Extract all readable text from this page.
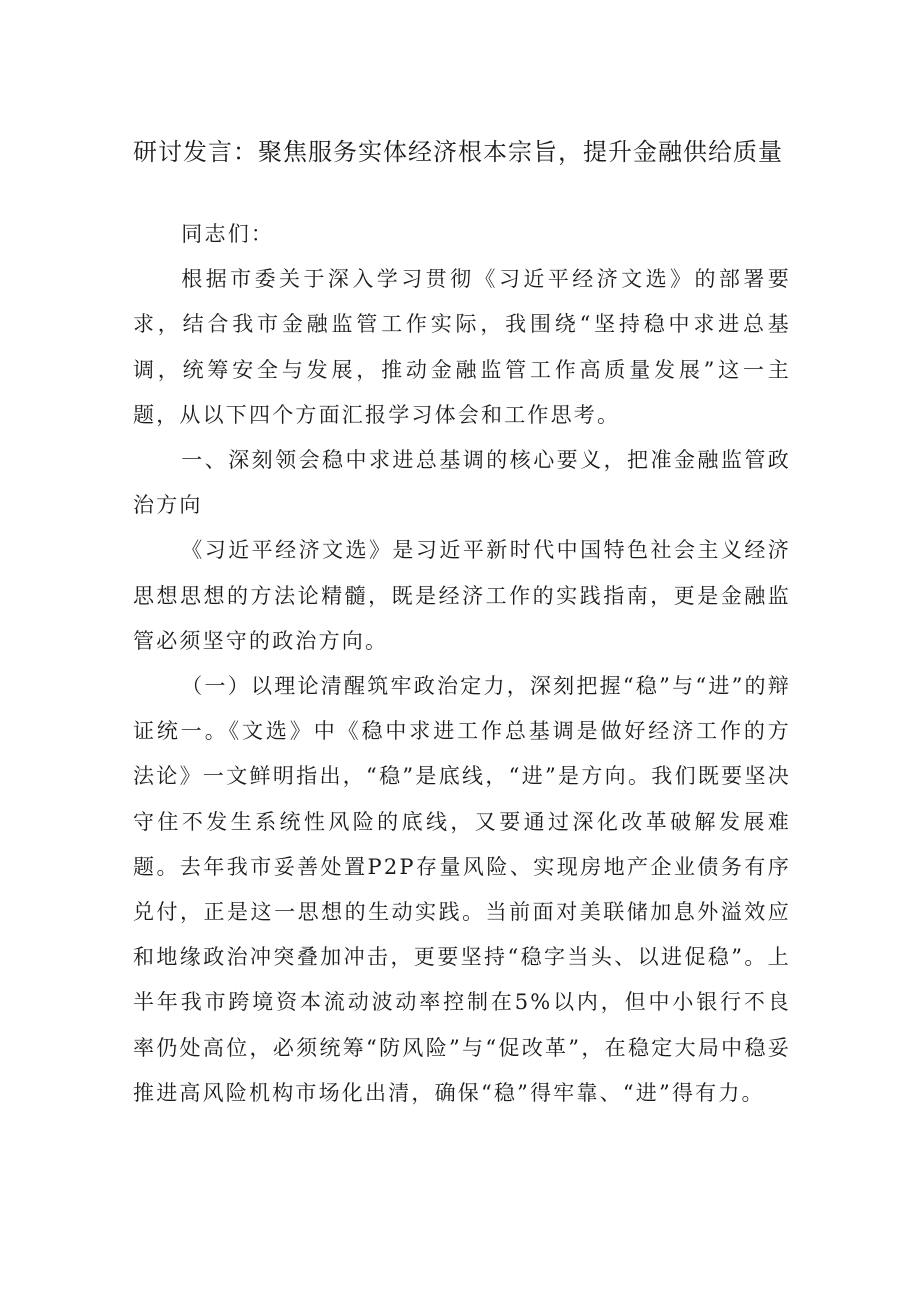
研讨发言：聚焦服务实体经济根本宗旨，提升金融供给质量

同志们：

根据市委关于深入学习贯彻《习近平经济文选》的部署要求，结合我市金融监管工作实际，我围绕“坚持稳中求进总基调，统筹安全与发展，推动金融监管工作高质量发展”这一主题，从以下四个方面汇报学习体会和工作思考。

一、深刻领会稳中求进总基调的核心要义，把准金融监管政治方向

《习近平经济文选》是习近平新时代中国特色社会主义经济思想思想的方法论精髓，既是经济工作的实践指南，更是金融监管必须坚守的政治方向。

（一）以理论清醒筑牢政治定力，深刻把握“稳”与“进”的辩证统一。《文选》中《稳中求进工作总基调是做好经济工作的方法论》一文鲜明指出，“稳”是底线，“进”是方向。我们既要坚决守住不发生系统性风险的底线，又要通过深化改革破解发展难题。去年我市妥善处置P2P存量风险、实现房地产企业债务有序兑付，正是这一思想的生动实践。当前面对美联储加息外溢效应和地缘政治冲突叠加冲击，更要坚持“稳字当头、以进促稳”。上半年我市跨境资本流动波动率控制在5%以内，但中小银行不良率仍处高位，必须统筹“防风险”与“促改革”，在稳定大局中稳妥推进高风险机构市场化出清，确保“稳”得牢靠、“进”得有力。
